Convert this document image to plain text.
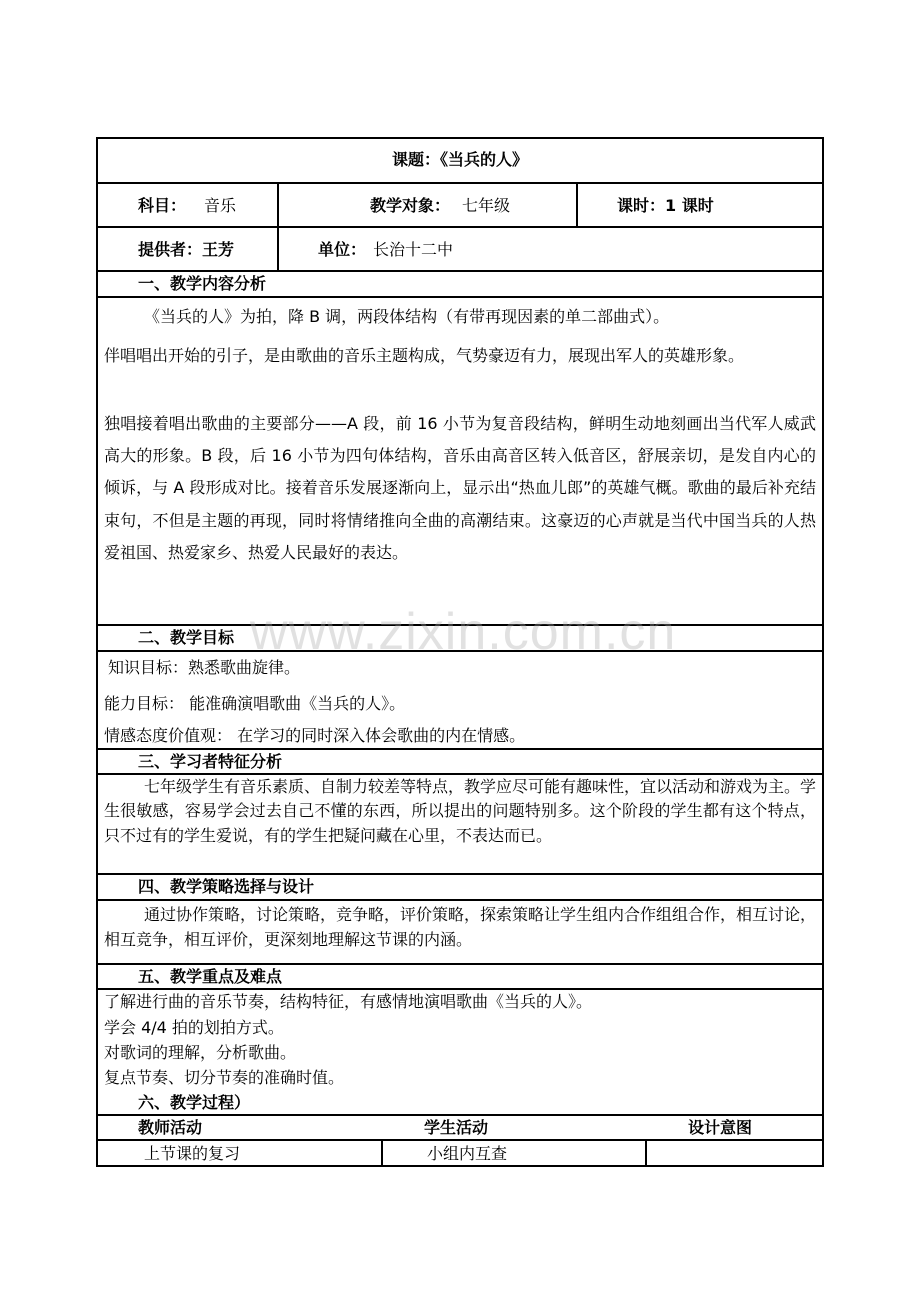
课题：《当兵的人》
科目： 音乐	教学对象： 七年级	课时：1 课时
提供者：王芳	单位： 长治十二中
一、教学内容分析
《当兵的人》为拍，降 B 调，两段体结构（有带再现因素的单二部曲式）。
伴唱唱出开始的引子，是由歌曲的音乐主题构成，气势豪迈有力，展现出军人的英雄形象。
独唱接着唱出歌曲的主要部分——A 段，前 16 小节为复音段结构，鲜明生动地刻画出当代军人威武高大的形象。B 段，后 16 小节为四句体结构，音乐由高音区转入低音区，舒展亲切，是发自内心的倾诉，与 A 段形成对比。接着音乐发展逐渐向上，显示出“热血儿郎”的英雄气概。歌曲的最后补充结束句，不但是主题的再现，同时将情绪推向全曲的高潮结束。这豪迈的心声就是当代中国当兵的人热爱祖国、热爱家乡、热爱人民最好的表达。
www.zixin.com.cn
二、教学目标
知识目标：熟悉歌曲旋律。
能力目标： 能准确演唱歌曲《当兵的人》。
情感态度价值观： 在学习的同时深入体会歌曲的内在情感。
三、学习者特征分析
七年级学生有音乐素质、自制力较差等特点，教学应尽可能有趣味性，宜以活动和游戏为主。学生很敏感，容易学会过去自己不懂的东西，所以提出的问题特别多。这个阶段的学生都有这个特点，只不过有的学生爱说，有的学生把疑问藏在心里，不表达而已。
四、教学策略选择与设计
通过协作策略，讨论策略，竞争略，评价策略，探索策略让学生组内合作组组合作，相互讨论，相互竞争，相互评价，更深刻地理解这节课的内涵。
五、教学重点及难点
了解进行曲的音乐节奏，结构特征，有感情地演唱歌曲《当兵的人》。
学会 4/4 拍的划拍方式。
对歌词的理解，分析歌曲。
复点节奏、切分节奏的准确时值。
六、教学过程）
教师活动	学生活动	设计意图
上节课的复习	小组内互查
